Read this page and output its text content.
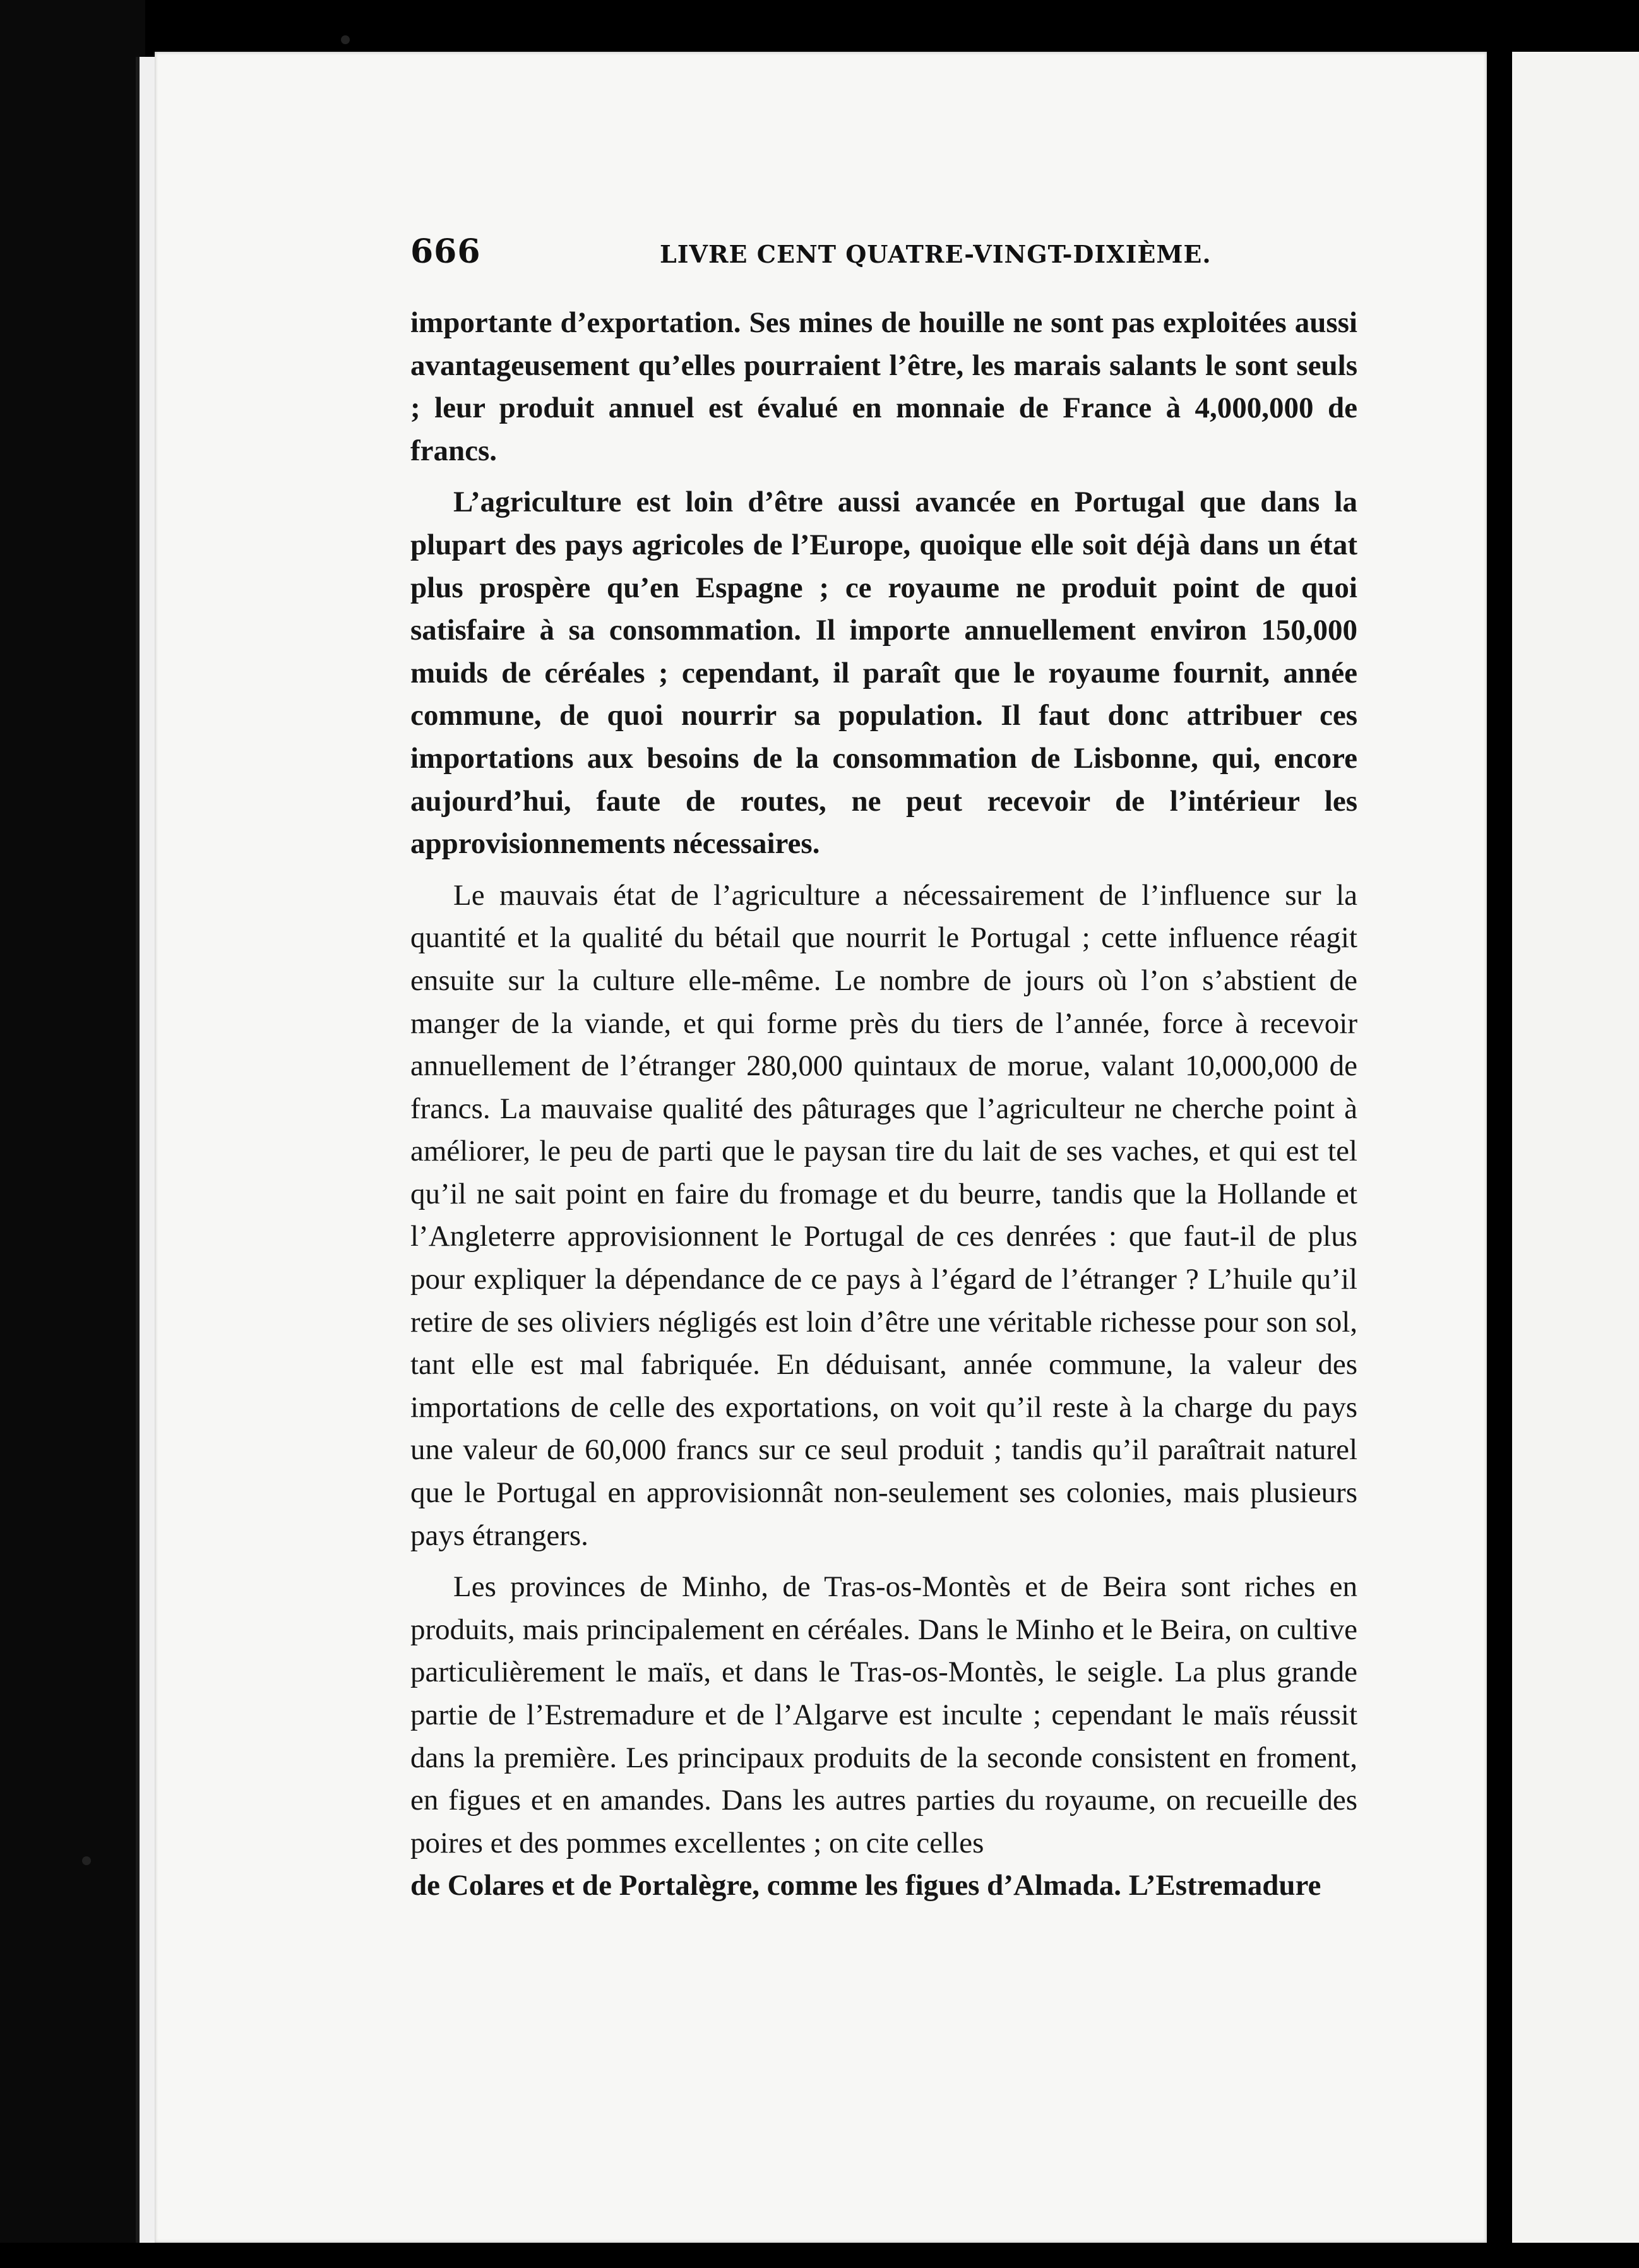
666	LIVRE CENT QUATRE-VINGT-DIXIÈME.

importante d’exportation. Ses mines de houille ne sont pas exploitées aussi avantageusement qu’elles pourraient l’être, les marais salants le sont seuls ; leur produit annuel est évalué en monnaie de France à 4,000,000 de francs.

L’agriculture est loin d’être aussi avancée en Portugal que dans la plupart des pays agricoles de l’Europe, quoique elle soit déjà dans un état plus prospère qu’en Espagne ; ce royaume ne produit point de quoi satisfaire à sa consommation. Il importe annuellement environ 150,000 muids de céréales ; cependant, il paraît que le royaume fournit, année commune, de quoi nourrir sa population. Il faut donc attribuer ces importations aux besoins de la consommation de Lisbonne, qui, encore aujourd’hui, faute de routes, ne peut recevoir de l’intérieur les approvisionnements nécessaires.

Le mauvais état de l’agriculture a nécessairement de l’influence sur la quantité et la qualité du bétail que nourrit le Portugal ; cette influence réagit ensuite sur la culture elle-même. Le nombre de jours où l’on s’abstient de manger de la viande, et qui forme près du tiers de l’année, force à recevoir annuellement de l’étranger 280,000 quintaux de morue, valant 10,000,000 de francs. La mauvaise qualité des pâturages que l’agriculteur ne cherche point à améliorer, le peu de parti que le paysan tire du lait de ses vaches, et qui est tel qu’il ne sait point en faire du fromage et du beurre, tandis que la Hollande et l’Angleterre approvisionnent le Portugal de ces denrées : que faut-il de plus pour expliquer la dépendance de ce pays à l’égard de l’étranger ? L’huile qu’il retire de ses oliviers négligés est loin d’être une véritable richesse pour son sol, tant elle est mal fabriquée. En déduisant, année commune, la valeur des importations de celle des exportations, on voit qu’il reste à la charge du pays une valeur de 60,000 francs sur ce seul produit ; tandis qu’il paraîtrait naturel que le Portugal en approvisionnât non-seulement ses colonies, mais plusieurs pays étrangers.

Les provinces de Minho, de Tras-os-Montès et de Beira sont riches en produits, mais principalement en céréales. Dans le Minho et le Beira, on cultive particulièrement le maïs, et dans le Tras-os-Montès, le seigle. La plus grande partie de l’Estremadure et de l’Algarve est inculte ; cependant le maïs réussit dans la première. Les principaux produits de la seconde consistent en froment, en figues et en amandes. Dans les autres parties du royaume, on recueille des poires et des pommes excellentes ; on cite celles

de Colares et de Portalègre, comme les figues d’Almada. L’Estremadure
